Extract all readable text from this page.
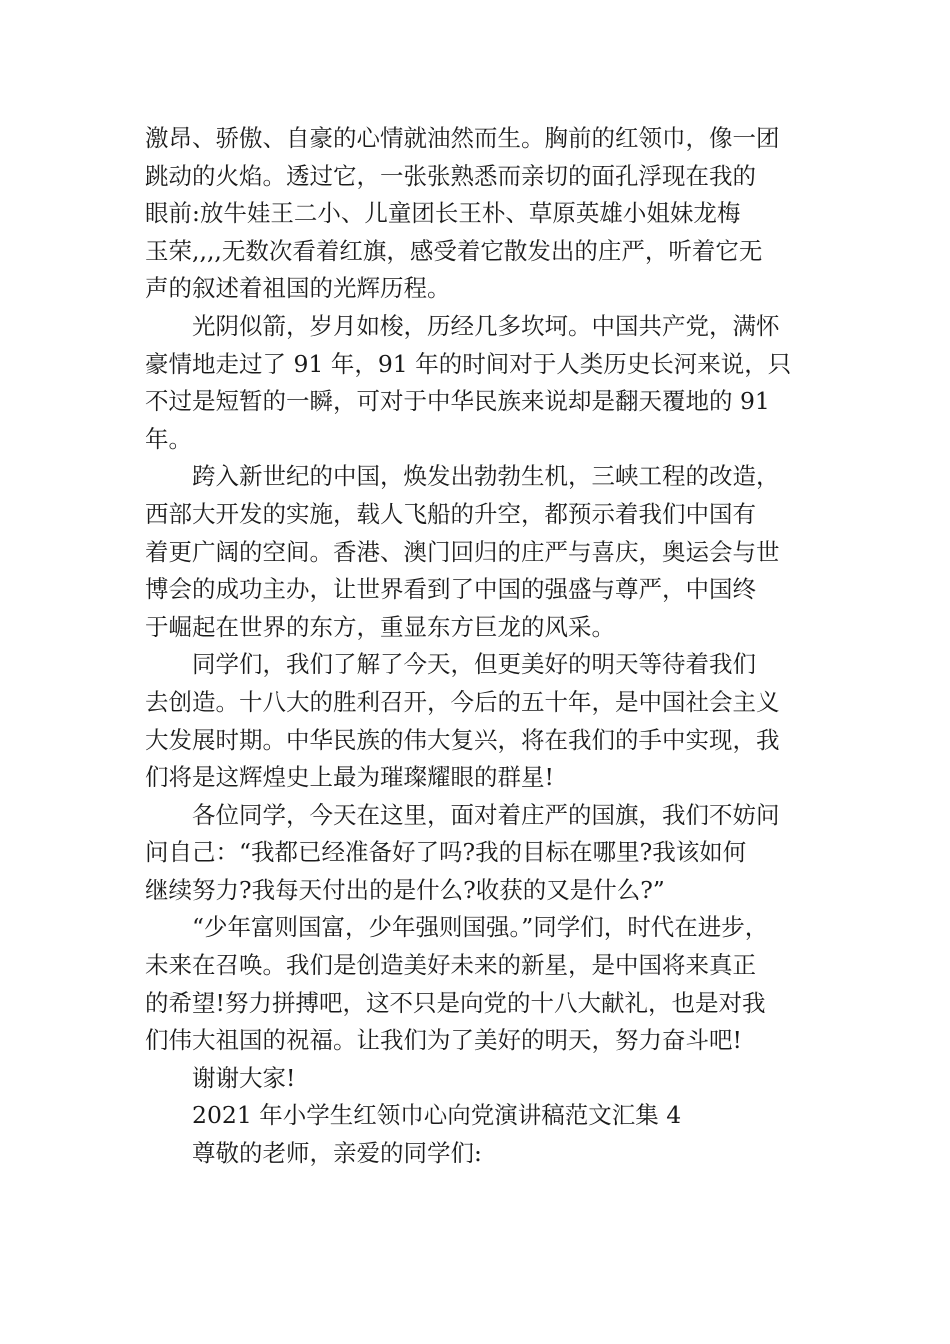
激昂、骄傲、自豪的心情就油然而生。胸前的红领巾，像一团
跳动的火焰。透过它，一张张熟悉而亲切的面孔浮现在我的
眼前:放牛娃王二小、儿童团长王朴、草原英雄小姐妹龙梅
玉荣,,,,无数次看着红旗，感受着它散发出的庄严，听着它无
声的叙述着祖国的光辉历程。
光阴似箭，岁月如梭，历经几多坎坷。中国共产党，满怀
豪情地走过了 91 年，91 年的时间对于人类历史长河来说，只
不过是短暂的一瞬，可对于中华民族来说却是翻天覆地的 91
年。
跨入新世纪的中国，焕发出勃勃生机，三峡工程的改造，
西部大开发的实施，载人飞船的升空，都预示着我们中国有
着更广阔的空间。香港、澳门回归的庄严与喜庆，奥运会与世
博会的成功主办，让世界看到了中国的强盛与尊严，中国终
于崛起在世界的东方，重显东方巨龙的风采。
同学们，我们了解了今天，但更美好的明天等待着我们
去创造。十八大的胜利召开，今后的五十年，是中国社会主义
大发展时期。中华民族的伟大复兴，将在我们的手中实现，我
们将是这辉煌史上最为璀璨耀眼的群星!
各位同学，今天在这里，面对着庄严的国旗，我们不妨问
问自己：“我都已经准备好了吗?我的目标在哪里?我该如何
继续努力?我每天付出的是什么?收获的又是什么?”
“少年富则国富，少年强则国强。”同学们，时代在进步，
未来在召唤。我们是创造美好未来的新星，是中国将来真正
的希望!努力拼搏吧，这不只是向党的十八大献礼，也是对我
们伟大祖国的祝福。让我们为了美好的明天，努力奋斗吧!
谢谢大家!
2021 年小学生红领巾心向党演讲稿范文汇集 4
尊敬的老师，亲爱的同学们:
